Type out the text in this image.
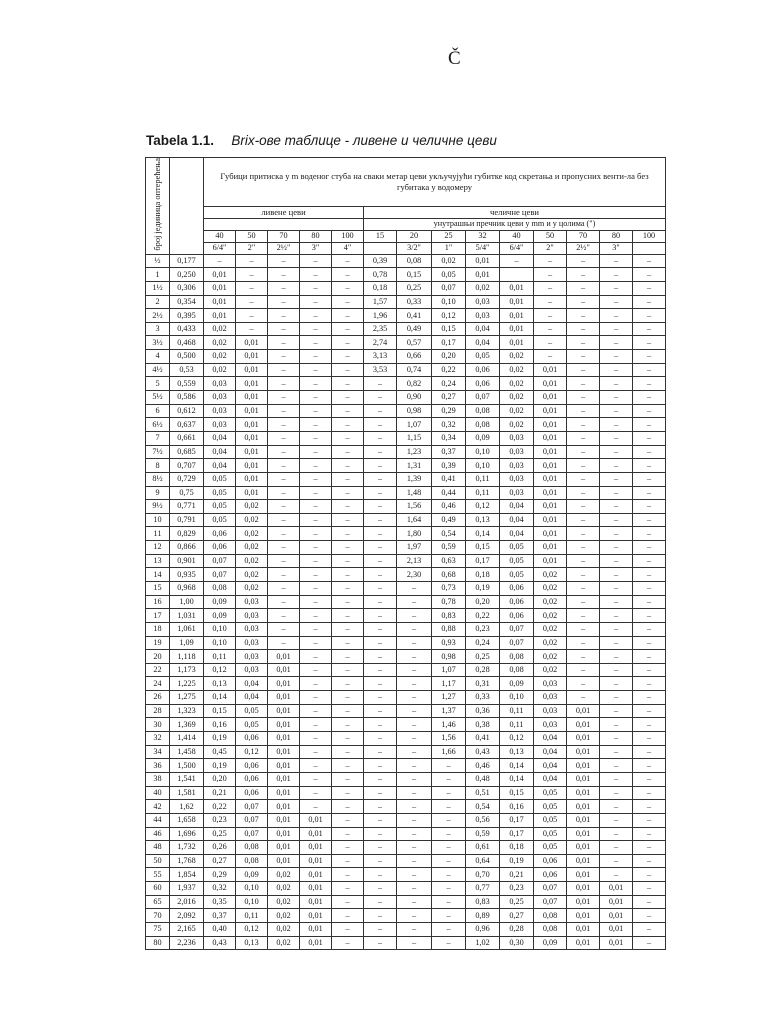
Č
Tabela 1.1. Brix-ове таблице - ливене и челичне цеви
број јединица оптерећења		Губици притиска у m воденог стуба на сваки метар цеви укључујући губитке код скретања и пропусних венти-ла без губитака у водомеру													
		ливене цеви					челичне цеви								
							унутрашњи пречник цеви у mm и у цолима (")								
		40	50	70	80	100	15	20	25	32	40	50	70	80	100
		6/4"	2"	2½"	3"	4"		3/2"	1"	5/4"	6/4"	2"	2½"	3"	
½	0,177	–	–	–	–	–	0,39	0,08	0,02	0,01	–	–	–	–	–
1	0,250	0,01	–	–	–	–	0,78	0,15	0,05	0,01		–	–	–	–
1½	0,306	0,01	–	–	–	–	0,18	0,25	0,07	0,02	0,01	–	–	–	–
2	0,354	0,01	–	–	–	–	1,57	0,33	0,10	0,03	0,01	–	–	–	–
2½	0,395	0,01	–	–	–	–	1,96	0,41	0,12	0,03	0,01	–	–	–	–
3	0,433	0,02	–	–	–	–	2,35	0,49	0,15	0,04	0,01	–	–	–	–
3½	0,468	0,02	0,01	–	–	–	2,74	0,57	0,17	0,04	0,01	–	–	–	–
4	0,500	0,02	0,01	–	–	–	3,13	0,66	0,20	0,05	0,02	–	–	–	–
4½	0,53	0,02	0,01	–	–	–	3,53	0,74	0,22	0,06	0,02	0,01	–	–	–
5	0,559	0,03	0,01	–	–	–	–	0,82	0,24	0,06	0,02	0,01	–	–	–
5½	0,586	0,03	0,01	–	–	–	–	0,90	0,27	0,07	0,02	0,01	–	–	–
6	0,612	0,03	0,01	–	–	–	–	0,98	0,29	0,08	0,02	0,01	–	–	–
6½	0,637	0,03	0,01	–	–	–	–	1,07	0,32	0,08	0,02	0,01	–	–	–
7	0,661	0,04	0,01	–	–	–	–	1,15	0,34	0,09	0,03	0,01	–	–	–
7½	0,685	0,04	0,01	–	–	–	–	1,23	0,37	0,10	0,03	0,01	–	–	–
8	0,707	0,04	0,01	–	–	–	–	1,31	0,39	0,10	0,03	0,01	–	–	–
8½	0,729	0,05	0,01	–	–	–	–	1,39	0,41	0,11	0,03	0,01	–	–	–
9	0,75	0,05	0,01	–	–	–	–	1,48	0,44	0,11	0,03	0,01	–	–	–
9½	0,771	0,05	0,02	–	–	–	–	1,56	0,46	0,12	0,04	0,01	–	–	–
10	0,791	0,05	0,02	–	–	–	–	1,64	0,49	0,13	0,04	0,01	–	–	–
11	0,829	0,06	0,02	–	–	–	–	1,80	0,54	0,14	0,04	0,01	–	–	–
12	0,866	0,06	0,02	–	–	–	–	1,97	0,59	0,15	0,05	0,01	–	–	–
13	0,901	0,07	0,02	–	–	–	–	2,13	0,63	0,17	0,05	0,01	–	–	–
14	0,935	0,07	0,02	–	–	–	–	2,30	0,68	0,18	0,05	0,02	–	–	–
15	0,968	0,08	0,02	–	–	–	–	–	0,73	0,19	0,06	0,02	–	–	–
16	1,00	0,09	0,03	–	–	–	–	–	0,78	0,20	0,06	0,02	–	–	–
17	1,031	0,09	0,03	–	–	–	–	–	0,83	0,22	0,06	0,02	–	–	–
18	1,061	0,10	0,03	–	–	–	–	–	0,88	0,23	0,07	0,02	–	–	–
19	1,09	0,10	0,03	–	–	–	–	–	0,93	0,24	0,07	0,02	–	–	–
20	1,118	0,11	0,03	0,01	–	–	–	–	0,98	0,25	0,08	0,02	–	–	–
22	1,173	0,12	0,03	0,01	–	–	–	–	1,07	0,28	0,08	0,02	–	–	–
24	1,225	0,13	0,04	0,01	–	–	–	–	1,17	0,31	0,09	0,03	–	–	–
26	1,275	0,14	0,04	0,01	–	–	–	–	1,27	0,33	0,10	0,03	–	–	–
28	1,323	0,15	0,05	0,01	–	–	–	–	1,37	0,36	0,11	0,03	0,01	–	–
30	1,369	0,16	0,05	0,01	–	–	–	–	1,46	0,38	0,11	0,03	0,01	–	–
32	1,414	0,19	0,06	0,01	–	–	–	–	1,56	0,41	0,12	0,04	0,01	–	–
34	1,458	0,45	0,12	0,01	–	–	–	–	1,66	0,43	0,13	0,04	0,01	–	–
36	1,500	0,19	0,06	0,01	–	–	–	–	–	0,46	0,14	0,04	0,01	–	–
38	1,541	0,20	0,06	0,01	–	–	–	–	–	0,48	0,14	0,04	0,01	–	–
40	1,581	0,21	0,06	0,01	–	–	–	–	–	0,51	0,15	0,05	0,01	–	–
42	1,62	0,22	0,07	0,01	–	–	–	–	–	0,54	0,16	0,05	0,01	–	–
44	1,658	0,23	0,07	0,01	0,01	–	–	–	–	0,56	0,17	0,05	0,01	–	–
46	1,696	0,25	0,07	0,01	0,01	–	–	–	–	0,59	0,17	0,05	0,01	–	–
48	1,732	0,26	0,08	0,01	0,01	–	–	–	–	0,61	0,18	0,05	0,01	–	–
50	1,768	0,27	0,08	0,01	0,01	–	–	–	–	0,64	0,19	0,06	0,01	–	–
55	1,854	0,29	0,09	0,02	0,01	–	–	–	–	0,70	0,21	0,06	0,01	–	–
60	1,937	0,32	0,10	0,02	0,01	–	–	–	–	0,77	0,23	0,07	0,01	0,01	–
65	2,016	0,35	0,10	0,02	0,01	–	–	–	–	0,83	0,25	0,07	0,01	0,01	–
70	2,092	0,37	0,11	0,02	0,01	–	–	–	–	0,89	0,27	0,08	0,01	0,01	–
75	2,165	0,40	0,12	0,02	0,01	–	–	–	–	0,96	0,28	0,08	0,01	0,01	–
80	2,236	0,43	0,13	0,02	0,01	–	–	–	–	1,02	0,30	0,09	0,01	0,01	–
